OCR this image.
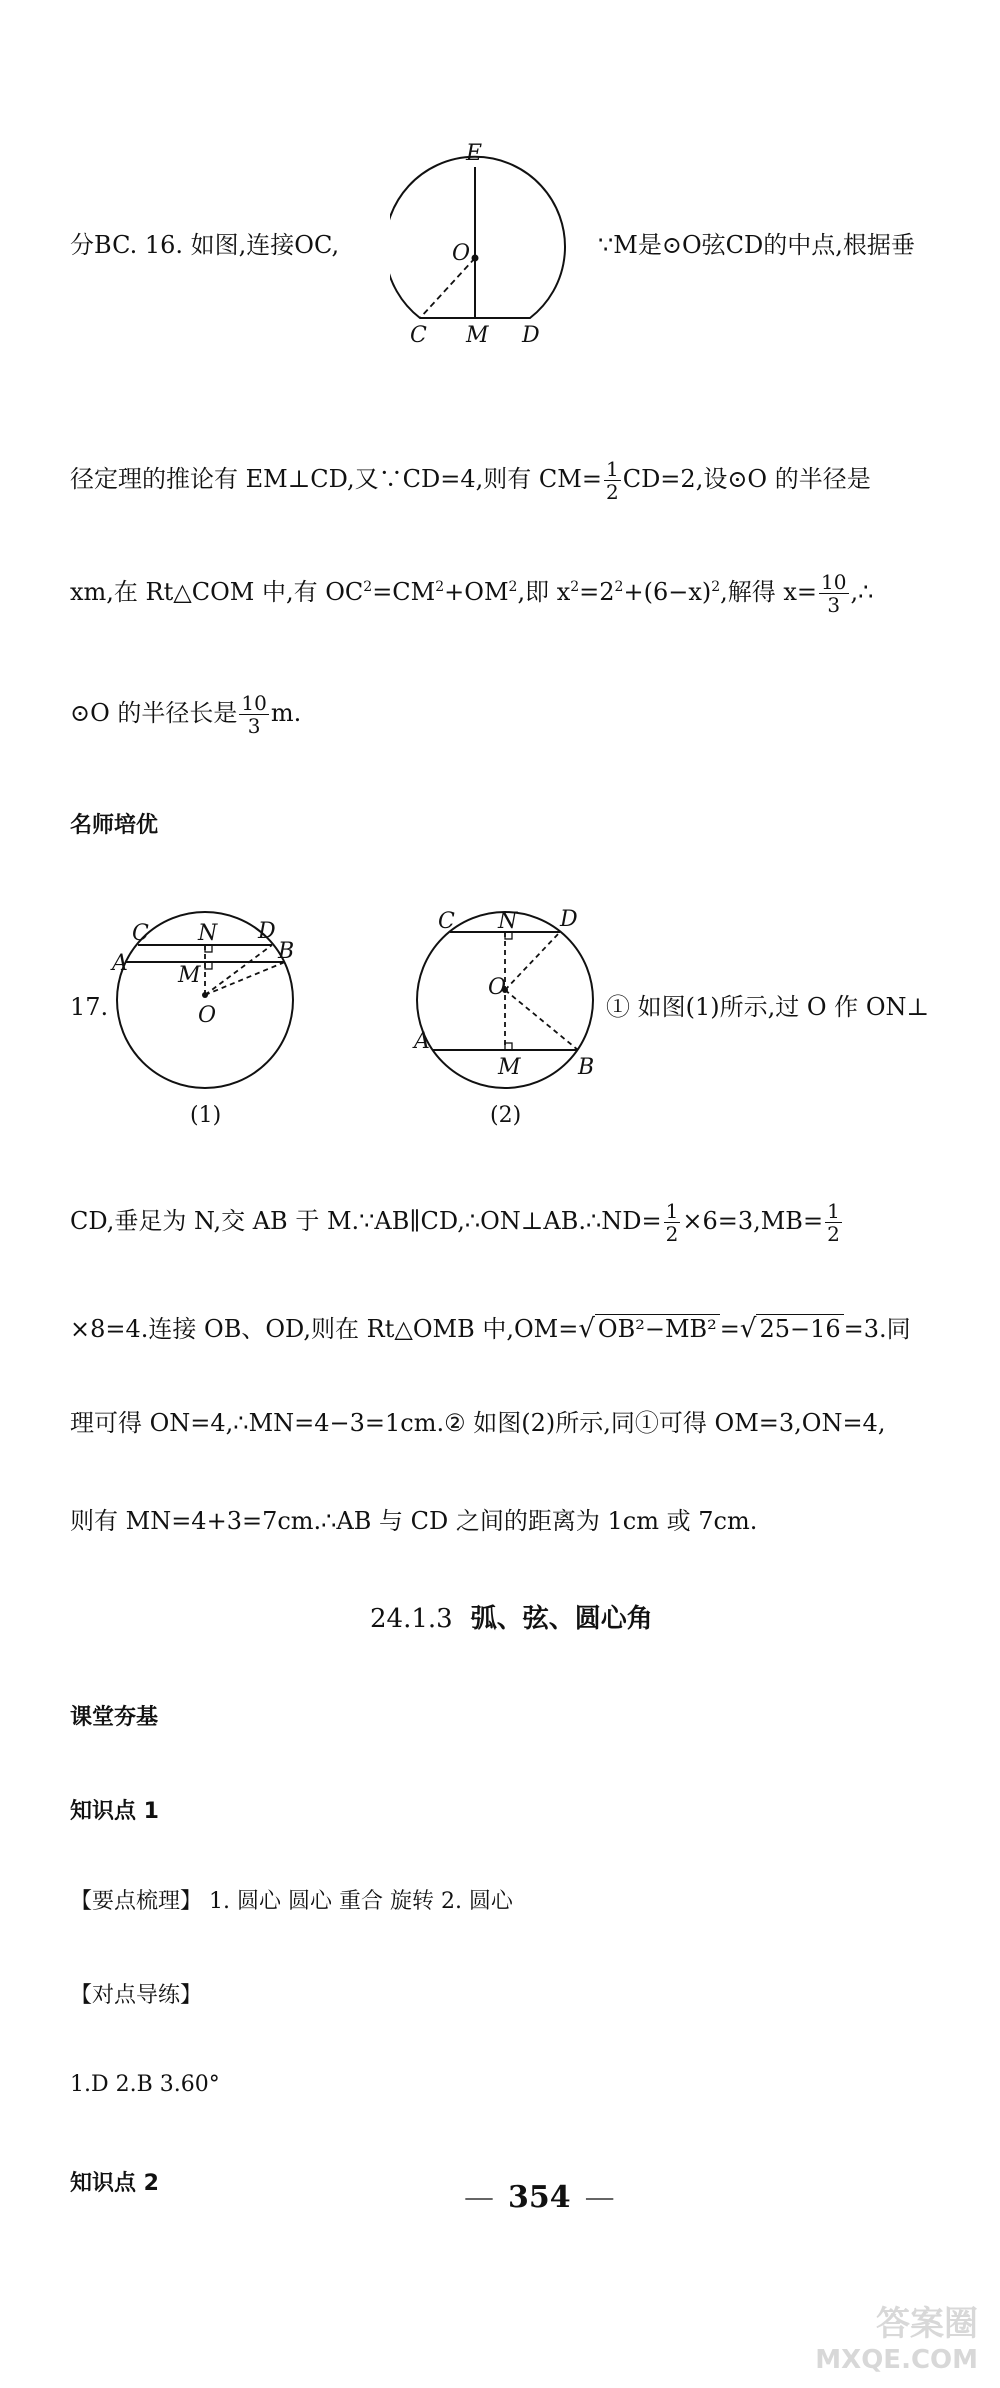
分BC. 16. 如图,连接OC,
E
O
C M D
∵M是⊙O弦CD的中点,根据垂
径定理的推论有 EM⊥CD,又∵CD=4,则有 $CM= \frac{1}{2} CD=2$,设⊙O 的半径是
xm,在 Rt△COM 中,有 $OC^2=CM^2+OM^2$,即 $x^2=2^2+(6-x)^2$,解得 $x= \frac{10}{3}$ ,∴
⊙O 的半径长是 $\frac{10}{3} m$.
名师培优
17.
C N D
A	B
M
O
(1)
C N D
O
A
M	B
(2)
① 如图(1)所示,过 O 作 ON⊥
CD,垂足为 N,交 AB 于 M.∵AB∥CD,∴ON⊥AB.∴ND= $\frac{1}{2} \times 6=3,MB= \frac{1}{2}$
×8=4.连接 OB、OD,则在 Rt△OMB 中,OM=√ OB²−MB² =√ 25−16 =3.同
理可得 ON=4,∴MN=4−3=1cm.② 如图(2)所示,同①可得 OM=3,ON=4,
则有 MN=4+3=7cm.∴AB 与 CD 之间的距离为 1cm 或 7cm.
24.1.3 弧、弦、圆心角
课堂夯基
知识点 1
【要点梳理】 1. 圆心 圆心 重合 旋转 2. 圆心
【对点导练】
1.D 2.B 3.60°
知识点 2	— 354 —
答案圈
MXQE.COM
